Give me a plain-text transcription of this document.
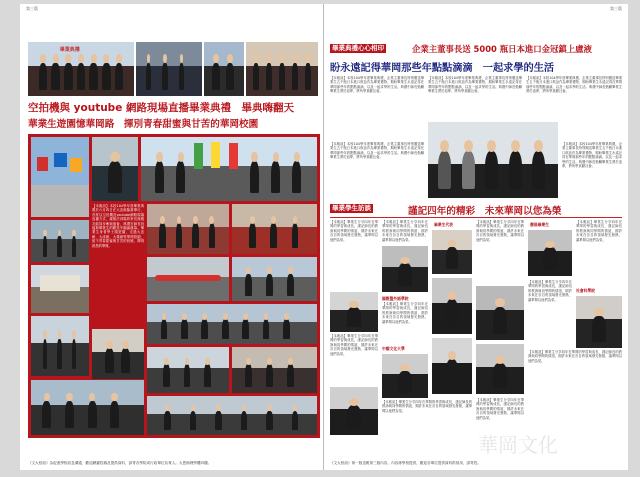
第三版
畢業典禮
空拍機與 youtube 網路現場直播畢業典禮　畢典嗨翻天
華業生遊園憶華岡路　揮別青春甜蜜與甘苦的華岡校園
【本報訊】本校104學年度畢業典禮於六月四日在大忠館隆重舉行，首度以空拍機及youtube網路現場直播方式，讓無法到場的家長與親友能同步參與盛會，典禮在師長祝福與畢業生的歡笑中圓滿落幕。畢業生身著學士服遊園，走過大忠館、大成館、大義館等華岡校園，留下青春甜蜜與甘苦的回憶，揮別熟悉的華岡。
《文大校訊》為促進學校訊息溝通，歡迎踴躍投稿及提供資料，請寄各學院或行政單位負責人。大恩館理學樓四樓。
第三版
畢業典禮心心相印	企業主董事長送 5000 瓶日本進口金冠鎮上盧液
盼永遠記得華岡那些年點點滴滴　一起求學的生活
【本報訊】本校104學年度畢業典禮，企業主董事長特別贈送畢業生五千瓶日本進口飲品作為畢業禮物，期盼畢業生永遠記得在華岡那些年的點點滴滴，以及一起求學的生活。典禮中師長勉勵畢業生勇於追夢，將所學貢獻社會。
【本報訊】本校104學年度畢業典禮，企業主董事長特別贈送畢業生五千瓶日本進口飲品作為畢業禮物，期盼畢業生永遠記得在華岡那些年的點點滴滴，以及一起求學的生活。典禮中師長勉勵畢業生勇於追夢，將所學貢獻社會。
【本報訊】本校104學年度畢業典禮，企業主董事長特別贈送畢業生五千瓶日本進口飲品作為畢業禮物，期盼畢業生永遠記得在華岡那些年的點點滴滴，以及一起求學的生活。典禮中師長勉勵畢業生勇於追夢，將所學貢獻社會。
【本報訊】本校104學年度畢業典禮，企業主董事長特別贈送畢業生五千瓶日本進口飲品作為畢業禮物，期盼畢業生永遠記得在華岡那些年的點點滴滴，以及一起求學的生活。典禮中師長勉勵畢業生勇於追夢，將所學貢獻社會。
【本報訊】本校104學年度畢業典禮，企業主董事長特別贈送畢業生五千瓶日本進口飲品作為畢業禮物，期盼畢業生永遠記得在華岡那些年的點點滴滴，以及一起求學的生活。典禮中師長勉勵畢業生勇於追夢，將所學貢獻社會。
畢業學生訪談	謹記四年的精彩　未來華岡以您為榮
【本報訊】畢業生分享四年在華岡的學習與成長，謹記師長的教誨與同學間的情誼，期許未來在各自的領域發光發熱，讓華岡以他們為榮。
【本報訊】畢業生分享四年在華岡的學習與成長，謹記師長的教誨與同學間的情誼，期許未來在各自的領域發光發熱，讓華岡以他們為榮。
【本報訊】畢業生分享四年在華岡的學習與成長，謹記師長的教誨與同學間的情誼，期許未來在各自的領域發光發熱，讓華岡以他們為榮。
畢業生代表
國際暨外語學院
【本報訊】畢業生分享四年在華岡的學習與成長，謹記師長的教誨與同學間的情誼，期許未來在各自的領域發光發熱，讓華岡以他們為榮。
中國文化大學
【本報訊】畢業生分享四年在華岡的學習與成長，謹記師長的教誨與同學間的情誼，期許未來在各自的領域發光發熱，讓華岡以他們為榮。
【本報訊】畢業生分享四年在華岡的學習與成長，謹記師長的教誨與同學間的情誼，期許未來在各自的領域發光發熱，讓華岡以他們為榮。
應屆畢業生	【本報訊】畢業生分享四年在華岡的學習與成長，謹記師長的教誨與同學間的情誼，期許未來在各自的領域發光發熱，讓華岡以他們為榮。
社會科學院
【本報訊】畢業生分享四年在華岡的學習與成長，謹記師長的教誨與同學間的情誼，期許未來在各自的領域發光發熱，讓華岡以他們為榮。
【本報訊】畢業生分享四年在華岡的學習與成長，謹記師長的教誨與同學間的情誼，期許未來在各自的領域發光發熱，讓華岡以他們為榮。
【本報訊】畢業生分享四年在華岡的學習與成長，謹記師長的教誨與同學間的情誼，期許未來在各自的領域發光發熱，讓華岡以他們為榮。
《文大校訊》第一版送報第三版內容，內容係學校提供，歡迎各單位提供資料供採用，請寄投。
華岡文化
